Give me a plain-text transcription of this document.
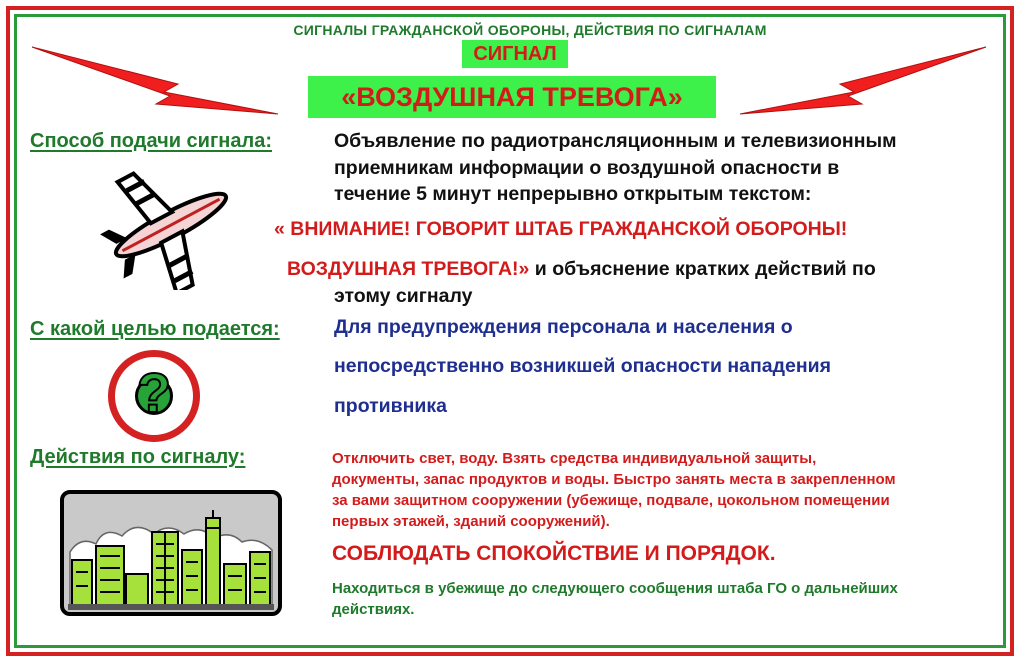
СИГНАЛЫ ГРАЖДАНСКОЙ ОБОРОНЫ, ДЕЙСТВИЯ ПО СИГНАЛАМ
СИГНАЛ
«ВОЗДУШНАЯ ТРЕВОГА»
Способ подачи сигнала:	Объявление по радиотрансляционным и телевизионным
приемникам информации о воздушной опасности в
течение 5 минут непрерывно открытым текстом:
« ВНИМАНИЕ! ГОВОРИТ ШТАБ ГРАЖДАНСКОЙ ОБОРОНЫ!
ВОЗДУШНАЯ ТРЕВОГА!» и объяснение кратких действий по
этому сигналу
С какой целью подается:	Для предупреждения персонала и населения о
непосредственно возникшей опасности нападения
противника
?
Действия по сигналу:	Отключить свет, воду. Взять средства индивидуальной защиты,
документы, запас продуктов и воды. Быстро занять места в закрепленном
за вами защитном сооружении (убежище, подвале, цокольном помещении
первых этажей, зданий сооружений).
СОБЛЮДАТЬ СПОКОЙСТВИЕ И ПОРЯДОК.
Находиться в убежище до следующего сообщения штаба ГО о дальнейших
действиях.
